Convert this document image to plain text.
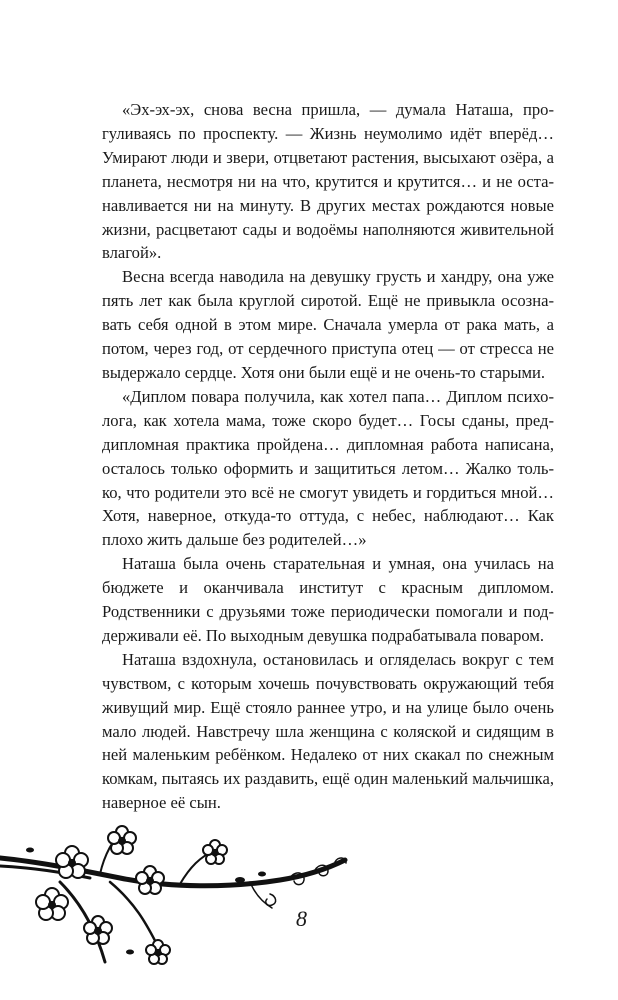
«Эх-эх-эх, снова весна пришла, — думала Наташа, прогуливаясь по проспекту. — Жизнь неумолимо идёт вперёд… Умирают люди и звери, отцветают растения, высыхают озёра, а планета, несмотря ни на что, крутится и крутится… и не останавливается ни на минуту. В других местах рождаются новые жизни, расцветают сады и водоёмы наполняются живительной влагой».

Весна всегда наводила на девушку грусть и хандру, она уже пять лет как была круглой сиротой. Ещё не привыкла осознавать себя одной в этом мире. Сначала умерла от рака мать, а потом, через год, от сердечного приступа отец — от стресса не выдержало сердце. Хотя они были ещё и не очень-то старыми.

«Диплом повара получила, как хотел папа… Диплом психолога, как хотела мама, тоже скоро будет… Госы сданы, преддипломная практика пройдена… дипломная работа написана, осталось только оформить и защититься летом… Жалко только, что родители это всё не смогут увидеть и гордиться мной… Хотя, наверное, откуда-то оттуда, с небес, наблюдают… Как плохо жить дальше без родителей…»

Наташа была очень старательная и умная, она училась на бюджете и оканчивала институт с красным дипломом. Родственники с друзьями тоже периодически помогали и поддерживали её. По выходным девушка подрабатывала поваром.

Наташа вздохнула, остановилась и огляделась вокруг с тем чувством, с которым хочешь почувствовать окружающий тебя живущий мир. Ещё стояло раннее утро, и на улице было очень мало людей. Навстречу шла женщина с коляской и сидящим в ней маленьким ребёнком. Недалеко от них скакал по снежным комкам, пытаясь их раздавить, ещё один маленький мальчишка, наверное её сын.

8
